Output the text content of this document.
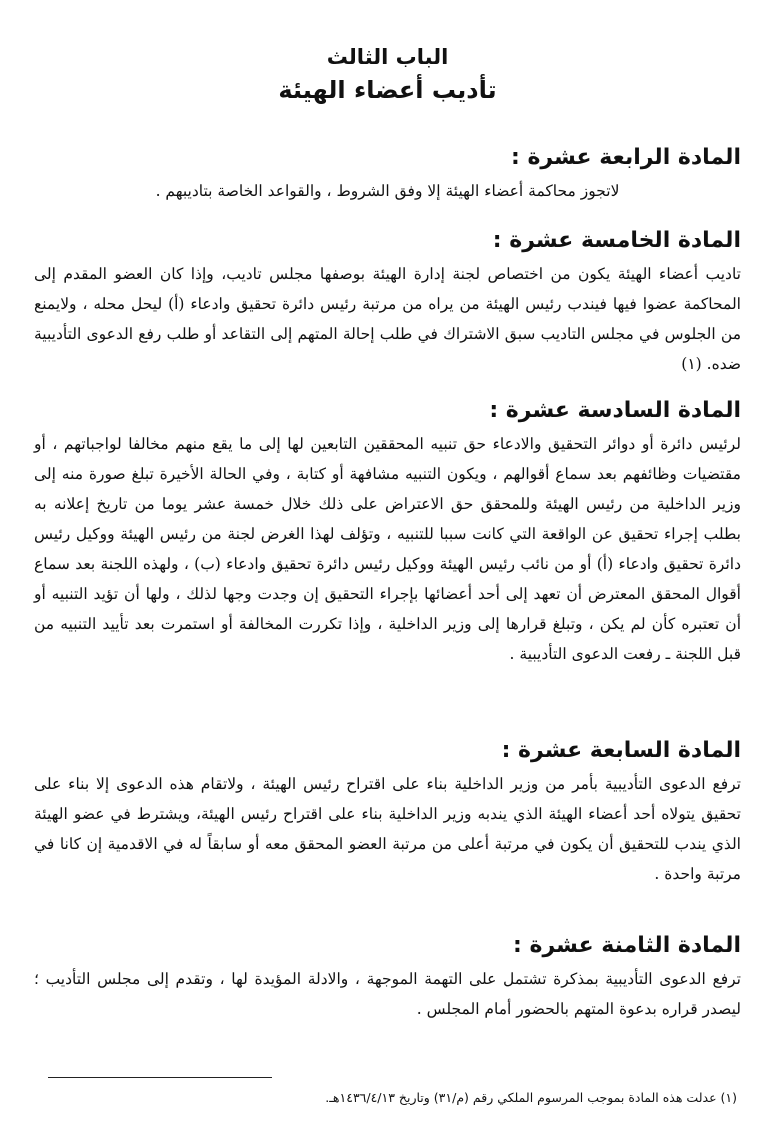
الباب الثالث
تأديب أعضاء الهيئة
المادة الرابعة عشرة :

لاتجوز محاكمة أعضاء الهيئة إلا وفق الشروط ، والقواعد الخاصة بتاديبهم .

المادة الخامسة عشرة :

تاديب أعضاء الهيئة يكون من اختصاص لجنة إدارة الهيئة بوصفها مجلس تاديب، وإذا كان العضو المقدم إلى المحاكمة عضوا فيها فيندب رئيس الهيئة من يراه من مرتبة رئيس دائرة تحقيق وادعاء (أ) ليحل محله ، ولايمنع من الجلوس في مجلس التاديب سبق الاشتراك في طلب إحالة المتهم إلى التقاعد أو طلب رفع الدعوى التأديبية ضده. (١)

المادة السادسة عشرة :

لرئيس دائرة أو دوائر التحقيق والادعاء حق تنبيه المحققين التابعين لها إلى ما يقع منهم مخالفا لواجباتهم ، أو مقتضيات وظائفهم بعد سماع أقوالهم ، ويكون التنبيه مشافهة أو كتابة ، وفي الحالة الأخيرة تبلغ صورة منه إلى وزير الداخلية من رئيس الهيئة وللمحقق حق الاعتراض على ذلك خلال خمسة عشر يوما من تاريخ إعلانه به بطلب إجراء تحقيق عن الواقعة التي كانت سببا للتنبيه ، وتؤلف لهذا الغرض لجنة من رئيس الهيئة ووكيل رئيس دائرة تحقيق وادعاء (أ) أو من نائب رئيس الهيئة ووكيل رئيس دائرة تحقيق وادعاء (ب) ، ولهذه اللجنة بعد سماع أقوال المحقق المعترض أن تعهد إلى أحد أعضائها بإجراء التحقيق إن وجدت وجها لذلك ، ولها أن تؤيد التنبيه أو أن تعتبره كأن لم يكن ، وتبلغ قرارها إلى وزير الداخلية ، وإذا تكررت المخالفة أو استمرت بعد تأييد التنبيه من قبل اللجنة ـ رفعت الدعوى التأديبية .

المادة السابعة عشرة :

ترفع الدعوى التأديبية بأمر من وزير الداخلية بناء على اقتراح رئيس الهيئة ، ولاتقام هذه الدعوى إلا بناء على تحقيق يتولاه أحد أعضاء الهيئة الذي يندبه وزير الداخلية بناء على اقتراح رئيس الهيئة، ويشترط في عضو الهيئة الذي يندب للتحقيق أن يكون في مرتبة أعلى من مرتبة العضو المحقق معه أو سابقاً له في الاقدمية إن كانا في مرتبة واحدة .

المادة الثامنة عشرة :

ترفع الدعوى التأديبية بمذكرة تشتمل على التهمة الموجهة ، والادلة المؤيدة لها ، وتقدم إلى مجلس التأديب ؛ ليصدر قراره بدعوة المتهم بالحضور أمام المجلس .

(١) عدلت هذه المادة بموجب المرسوم الملكي رقم (م/٣١) وتاريخ ١٤٣٦/٤/١٣هـ.
